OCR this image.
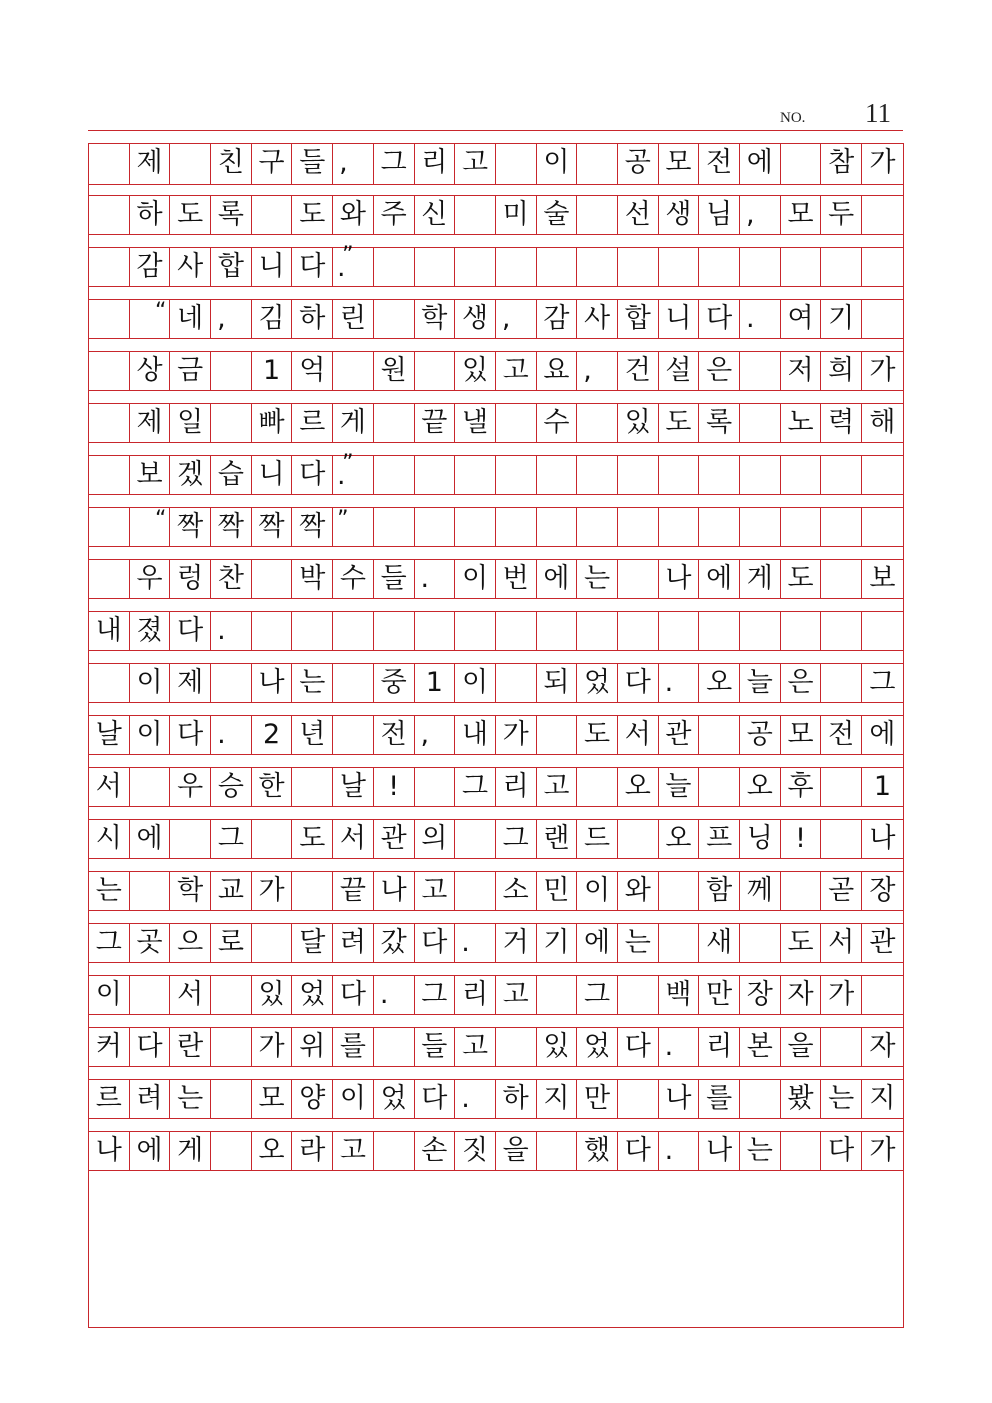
NO. 11
제 친 구 들 ,	그 리 고 이 공 모 전 에 참 가
하 도 록 도 와 주 신 미 술 선 생 님 ,	모 두
감 사 합 니 다 .
”
“ 네 ,	김 하 린 학 생 ,	감 사 합 니 다 .	여 기
상 금	1 억 원 있 고 요 ,	건 설 은 저 희 가
제 일 빠 르 게 끝 낼 수 있 도 록 노 력 해
보 겠 습 니 다 .
”
“ 짝 짝 짝 짝 ”
우 렁 찬 박 수 들 .	이 번 에 는 나 에 게 도 보
내 졌 다 .
이 제 나 는 중 1 이 되 었 다 .	오 늘 은 그
날 이 다 .	2 년 전 ,	내 가 도 서 관 공 모 전 에
서 우 승 한 날 !	그 리 고 오 늘 오 후	1
시 에 그 도 서 관 의 그 랜 드 오 프 닝 !	나
는 학 교 가 끝 나 고 소 민 이 와 함 께 곧 장
그 곳 으 로 달 려 갔 다 .	거 기 에 는 새 도 서 관
이 서 있 었 다 .	그 리 고 그 백 만 장 자 가
커 다 란 가 위 를 들 고 있 었 다 .	리 본 을 자
르 려 는 모 양 이 었 다 .	하 지 만 나 를 봤 는 지
나 에 게 오 라 고 손 짓 을 했 다 .	나 는 다 가
